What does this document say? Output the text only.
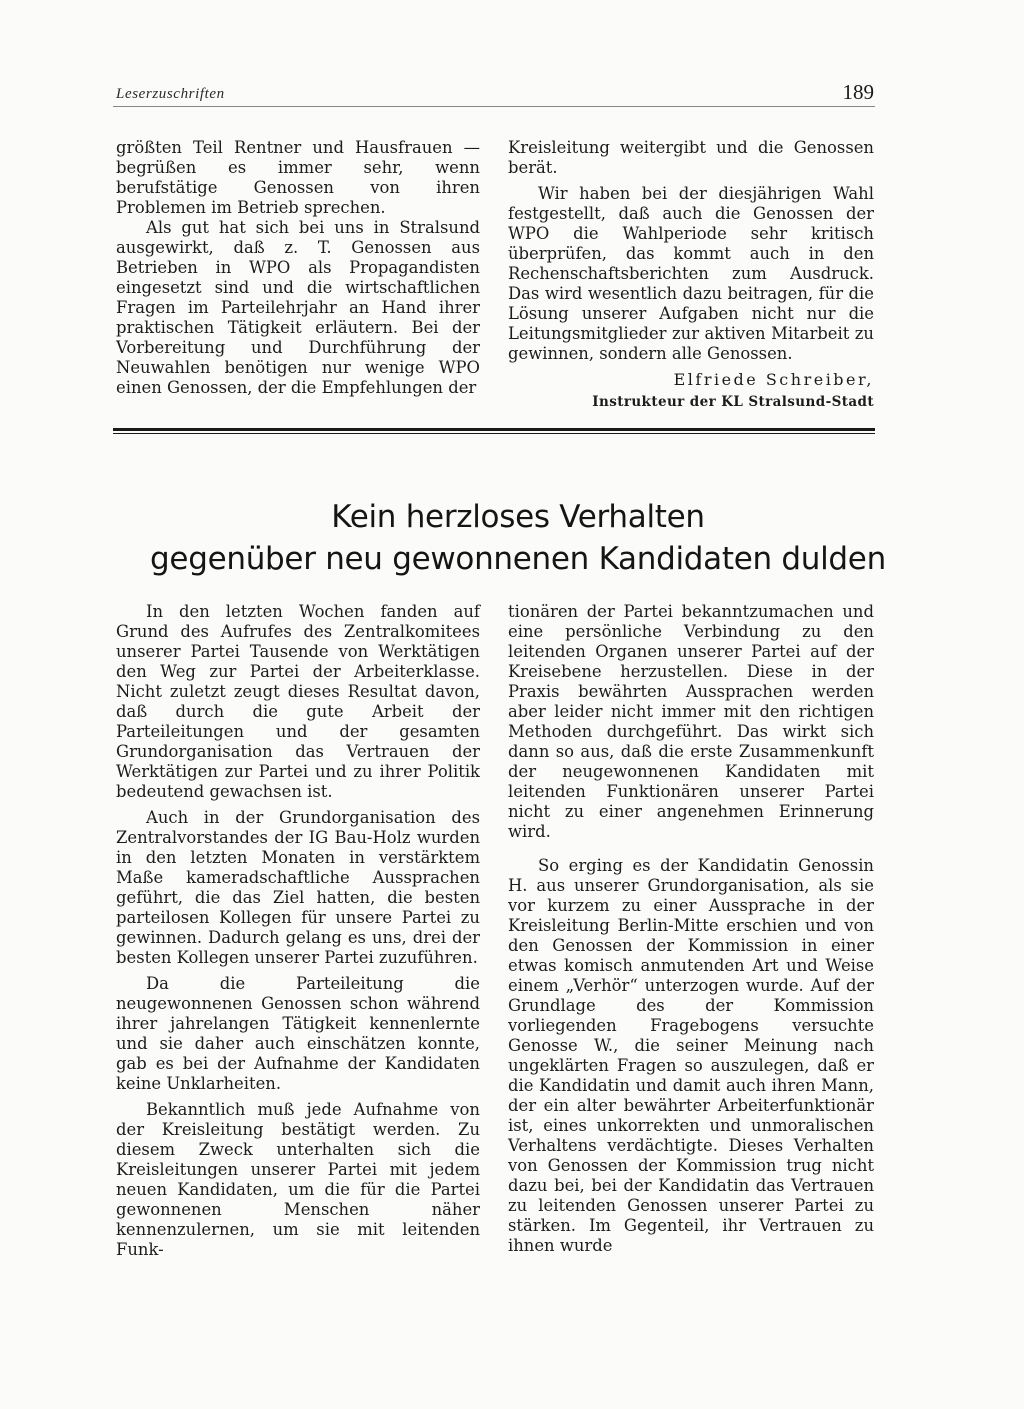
Leserzuschriften	189

größten Teil Rentner und Hausfrauen — begrüßen es immer sehr, wenn berufstätige Genossen von ihren Problemen im Betrieb sprechen.

Als gut hat sich bei uns in Stralsund ausgewirkt, daß z. T. Genossen aus Betrieben in WPO als Propagandisten eingesetzt sind und die wirtschaftlichen Fragen im Parteilehrjahr an Hand ihrer praktischen Tätigkeit erläutern. Bei der Vorbereitung und Durchführung der Neuwahlen benötigen nur wenige WPO einen Genossen, der die Empfehlungen der

Kreisleitung weitergibt und die Genossen berät.

Wir haben bei der diesjährigen Wahl festgestellt, daß auch die Genossen der WPO die Wahlperiode sehr kritisch überprüfen, das kommt auch in den Rechenschaftsberichten zum Ausdruck. Das wird wesentlich dazu beitragen, für die Lösung unserer Aufgaben nicht nur die Leitungsmitglieder zur aktiven Mitarbeit zu gewinnen, sondern alle Genossen.

Elfriede Schreiber,

Instrukteur der KL Stralsund-Stadt

Kein herzloses Verhalten
gegenüber neu gewonnenen Kandidaten dulden

In den letzten Wochen fanden auf Grund des Aufrufes des Zentralkomitees unserer Partei Tausende von Werktätigen den Weg zur Partei der Arbeiterklasse. Nicht zuletzt zeugt dieses Resultat davon, daß durch die gute Arbeit der Parteileitungen und der gesamten Grundorganisation das Vertrauen der Werktätigen zur Partei und zu ihrer Politik bedeutend gewachsen ist.

Auch in der Grundorganisation des Zentralvorstandes der IG Bau-Holz wurden in den letzten Monaten in verstärktem Maße kameradschaftliche Aussprachen geführt, die das Ziel hatten, die besten parteilosen Kollegen für unsere Partei zu gewinnen. Dadurch gelang es uns, drei der besten Kollegen unserer Partei zuzuführen.

Da die Parteileitung die neugewonnenen Genossen schon während ihrer jahrelangen Tätigkeit kennenlernte und sie daher auch einschätzen konnte, gab es bei der Aufnahme der Kandidaten keine Unklarheiten.

Bekanntlich muß jede Aufnahme von der Kreisleitung bestätigt werden. Zu diesem Zweck unterhalten sich die Kreisleitungen unserer Partei mit jedem neuen Kandidaten, um die für die Partei gewonnenen Menschen näher kennenzulernen, um sie mit leitenden Funk-

tionären der Partei bekanntzumachen und eine persönliche Verbindung zu den leitenden Organen unserer Partei auf der Kreisebene herzustellen. Diese in der Praxis bewährten Aussprachen werden aber leider nicht immer mit den richtigen Methoden durchgeführt. Das wirkt sich dann so aus, daß die erste Zusammenkunft der neugewonnenen Kandidaten mit leitenden Funktionären unserer Partei nicht zu einer angenehmen Erinnerung wird.

So erging es der Kandidatin Genossin H. aus unserer Grundorganisation, als sie vor kurzem zu einer Aussprache in der Kreisleitung Berlin-Mitte erschien und von den Genossen der Kommission in einer etwas komisch anmutenden Art und Weise einem „Verhör“ unterzogen wurde. Auf der Grundlage des der Kommission vorliegenden Fragebogens versuchte Genosse W., die seiner Meinung nach ungeklärten Fragen so auszulegen, daß er die Kandidatin und damit auch ihren Mann, der ein alter bewährter Arbeiterfunktionär ist, eines unkorrekten und unmoralischen Verhaltens verdächtigte. Dieses Verhalten von Genossen der Kommission trug nicht dazu bei, bei der Kandidatin das Vertrauen zu leitenden Genossen unserer Partei zu stärken. Im Gegenteil, ihr Vertrauen zu ihnen wurde
